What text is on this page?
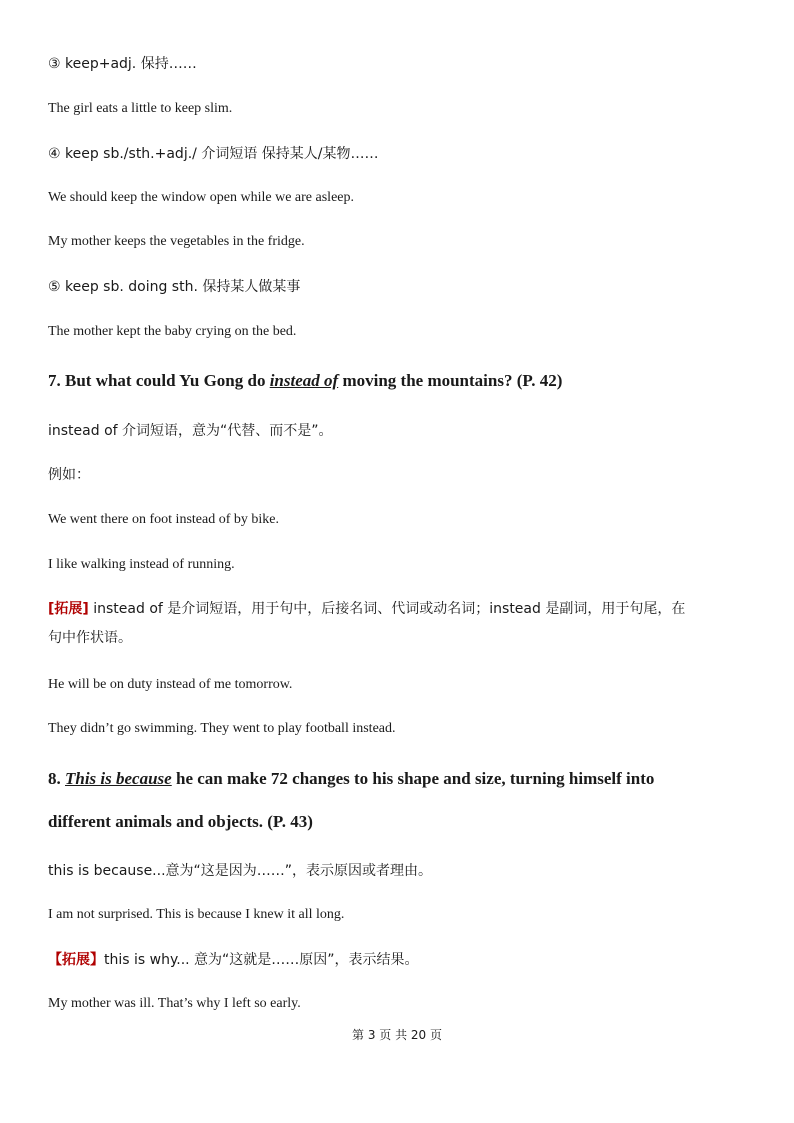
③ keep+adj. 保持……
The girl eats a little to keep slim.
④ keep sb./sth.+adj./ 介词短语 保持某人/某物……
We should keep the window open while we are asleep.
My mother keeps the vegetables in the fridge.
⑤ keep sb. doing sth. 保持某人做某事
The mother kept the baby crying on the bed.
7. But what could Yu Gong do instead of moving the mountains? (P. 42)
instead of 介词短语，意为“代替、而不是”。
例如：
We went there on foot instead of by bike.
I like walking instead of running.
[拓展] instead of 是介词短语，用于句中，后接名词、代词或动名词；instead 是副词，用于句尾，在
句中作状语。
He will be on duty instead of me tomorrow.
They didn’t go swimming. They went to play football instead.
8. This is because he can make 72 changes to his shape and size, turning himself into
different animals and objects. (P. 43)
this is because...意为“这是因为……”，表示原因或者理由。
I am not surprised. This is because I knew it all long.
【拓展】this is why... 意为“这就是……原因”，表示结果。
My mother was ill. That’s why I left so early.
第 3 页 共 20 页
